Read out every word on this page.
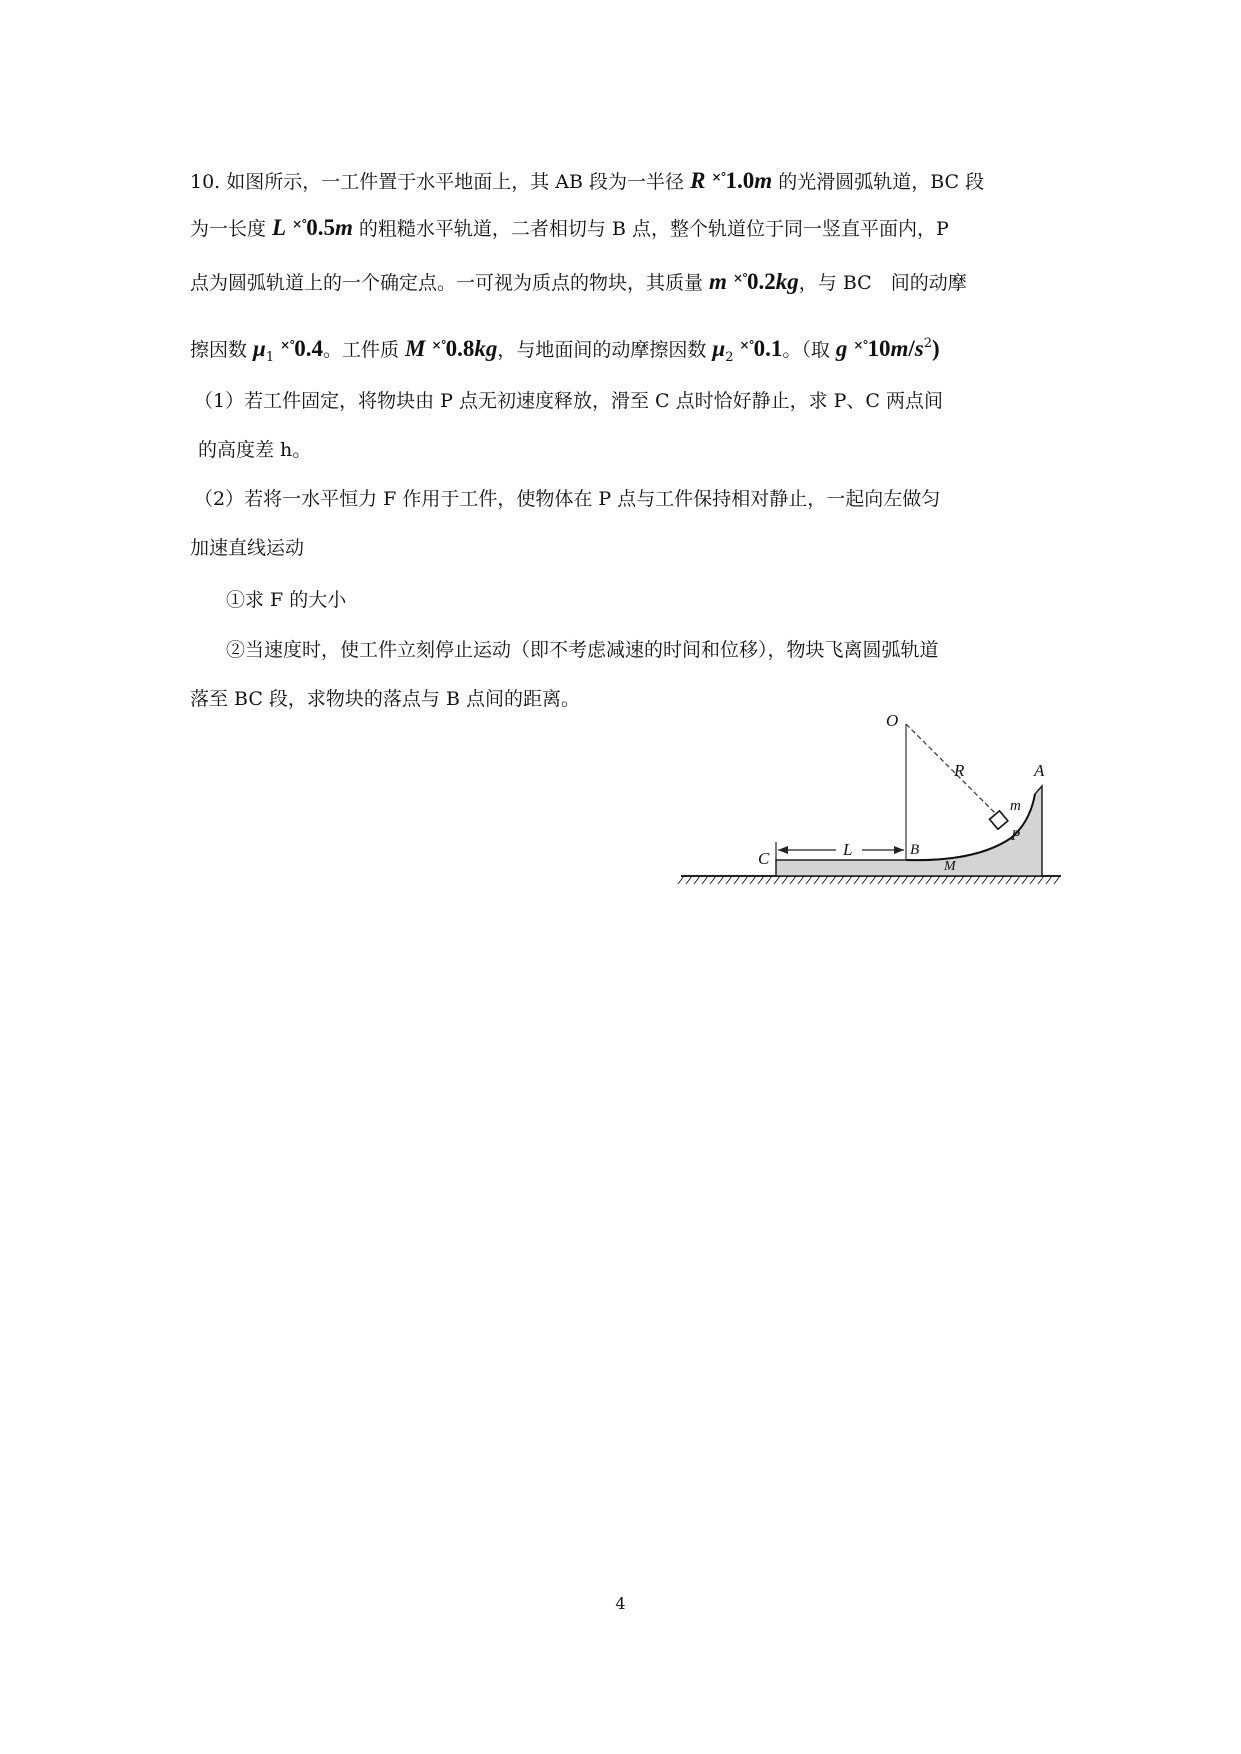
10. 如图所示，一工件置于水平地面上，其 AB 段为一半径 R ×°1.0m 的光滑圆弧轨道，BC 段

为一长度 L ×°0.5m 的粗糙水平轨道，二者相切与 B 点，整个轨道位于同一竖直平面内，P

点为圆弧轨道上的一个确定点。一可视为质点的物块，其质量 m ×°0.2kg，与 BC　间的动摩

擦因数 $\mu_1$ ×°0.4。工件质 M ×°0.8kg，与地面间的动摩擦因数 $\mu_2$ ×°0.1。（取 g $^{\times^\circ}10m/s^2$)

（1）若工件固定，将物块由 P 点无初速度释放，滑至 C 点时恰好静止，求 P、C 两点间

的高度差 h。

（2）若将一水平恒力 F 作用于工件，使物体在 P 点与工件保持相对静止，一起向左做匀

加速直线运动

①求 F 的大小

②当速度时，使工件立刻停止运动（即不考虑减速的时间和位移），物块飞离圆弧轨道

落至 BC 段，求物块的落点与 B 点间的距离。

O
R	A
m
P
C	L	B
M
4
